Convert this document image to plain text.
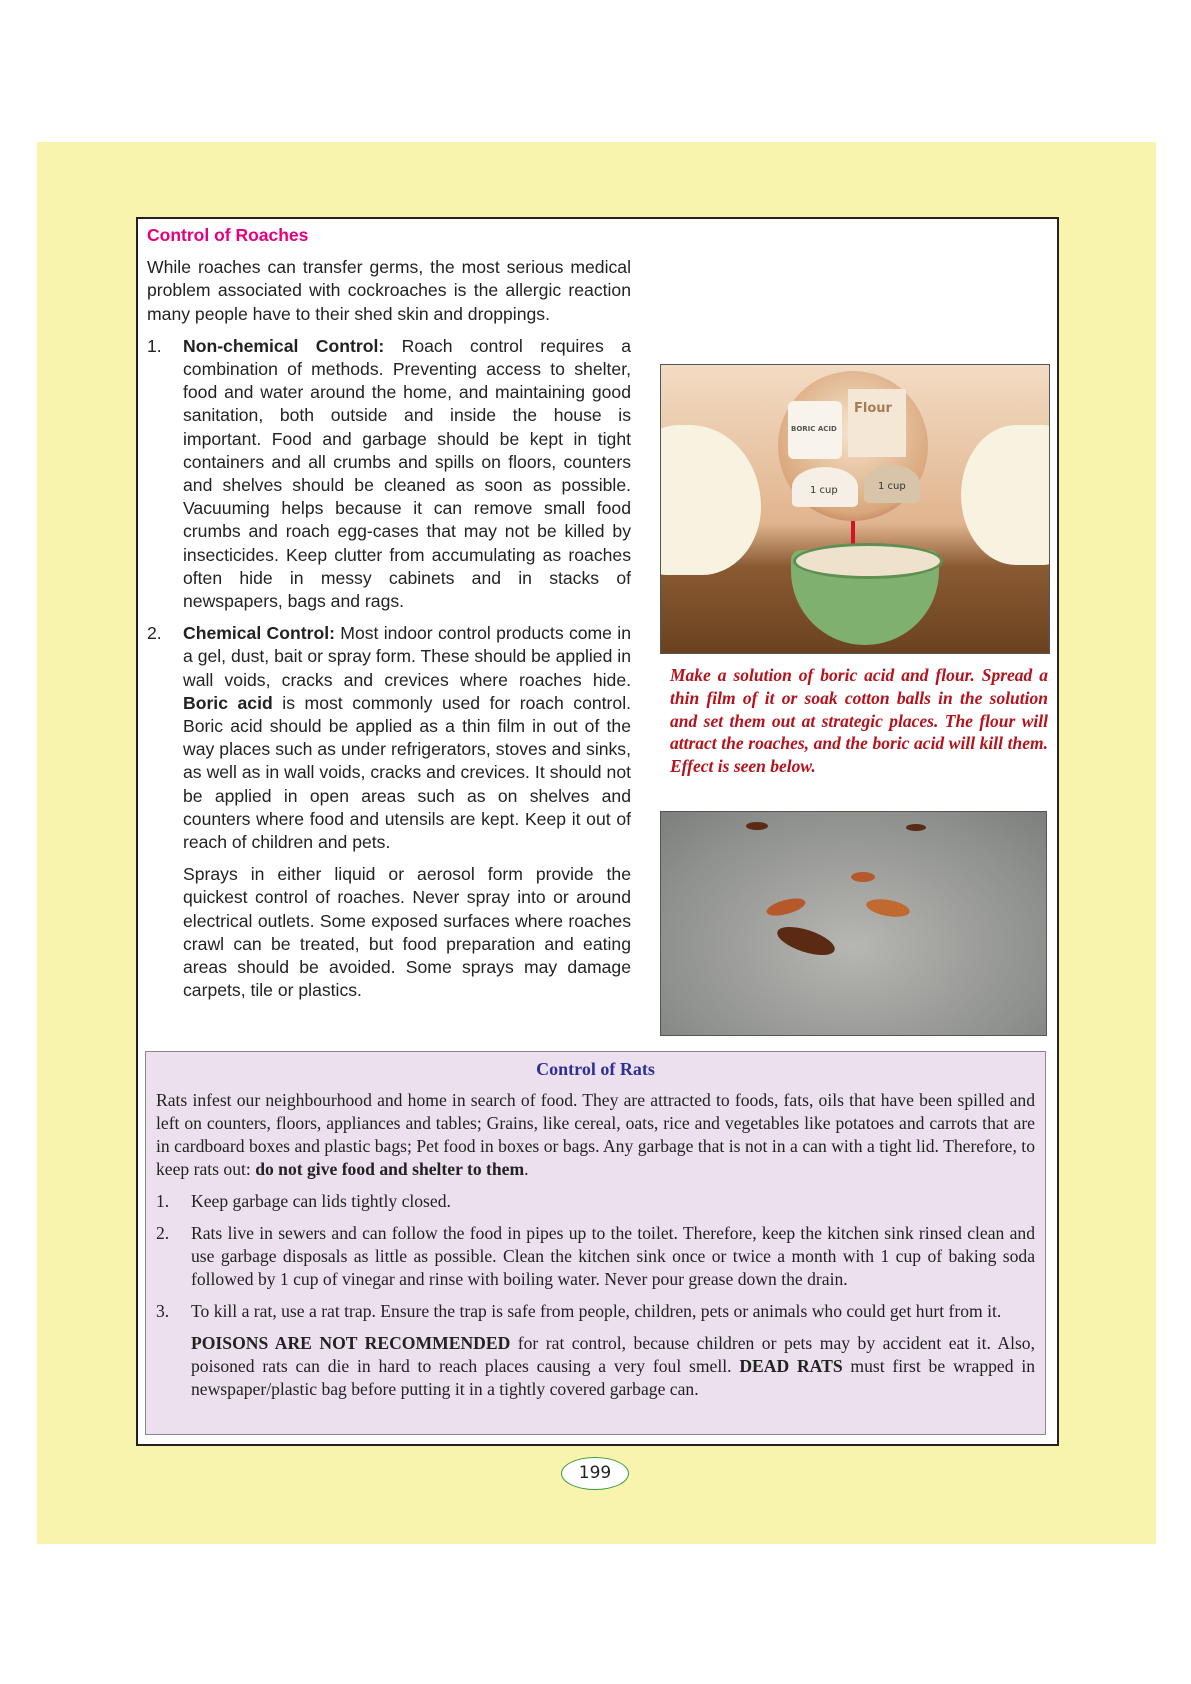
Control of Roaches

While roaches can transfer germs, the most serious medical problem associated with cockroaches is the allergic reaction many people have to their shed skin and droppings.

1. Non-chemical Control: Roach control requires a combination of methods. Preventing access to shelter, food and water around the home, and maintaining good sanitation, both outside and inside the house is important. Food and garbage should be kept in tight containers and all crumbs and spills on floors, counters and shelves should be cleaned as soon as possible. Vacuuming helps because it can remove small food crumbs and roach egg-cases that may not be killed by insecticides. Keep clutter from accumulating as roaches often hide in messy cabinets and in stacks of newspapers, bags and rags.
2. Chemical Control: Most indoor control products come in a gel, dust, bait or spray form. These should be applied in wall voids, cracks and crevices where roaches hide. Boric acid is most commonly used for roach control. Boric acid should be applied as a thin film in out of the way places such as under refrigerators, stoves and sinks, as well as in wall voids, cracks and crevices. It should not be applied in open areas such as on shelves and counters where food and utensils are kept. Keep it out of reach of children and pets.

Sprays in either liquid or aerosol form provide the quickest control of roaches. Never spray into or around electrical outlets. Some exposed surfaces where roaches crawl can be treated, but food preparation and eating areas should be avoided. Some sprays may damage carpets, tile or plastics.

Flour
BORIC ACID
1 cup	1 cup
Make a solution of boric acid and flour. Spread a thin film of it or soak cotton balls in the solution and set them out at strategic places. The flour will attract the roaches, and the boric acid will kill them. Effect is seen below.
Control of Rats

Rats infest our neighbourhood and home in search of food. They are attracted to foods, fats, oils that have been spilled and left on counters, floors, appliances and tables; Grains, like cereal, oats, rice and vegetables like potatoes and carrots that are in cardboard boxes and plastic bags; Pet food in boxes or bags. Any garbage that is not in a can with a tight lid. Therefore, to keep rats out: do not give food and shelter to them.

1. Keep garbage can lids tightly closed.
2. Rats live in sewers and can follow the food in pipes up to the toilet. Therefore, keep the kitchen sink rinsed clean and use garbage disposals as little as possible. Clean the kitchen sink once or twice a month with 1 cup of baking soda followed by 1 cup of vinegar and rinse with boiling water. Never pour grease down the drain.
3. To kill a rat, use a rat trap. Ensure the trap is safe from people, children, pets or animals who could get hurt from it.

POISONS ARE NOT RECOMMENDED for rat control, because children or pets may by accident eat it. Also, poisoned rats can die in hard to reach places causing a very foul smell. DEAD RATS must first be wrapped in newspaper/plastic bag before putting it in a tightly covered garbage can.

199
